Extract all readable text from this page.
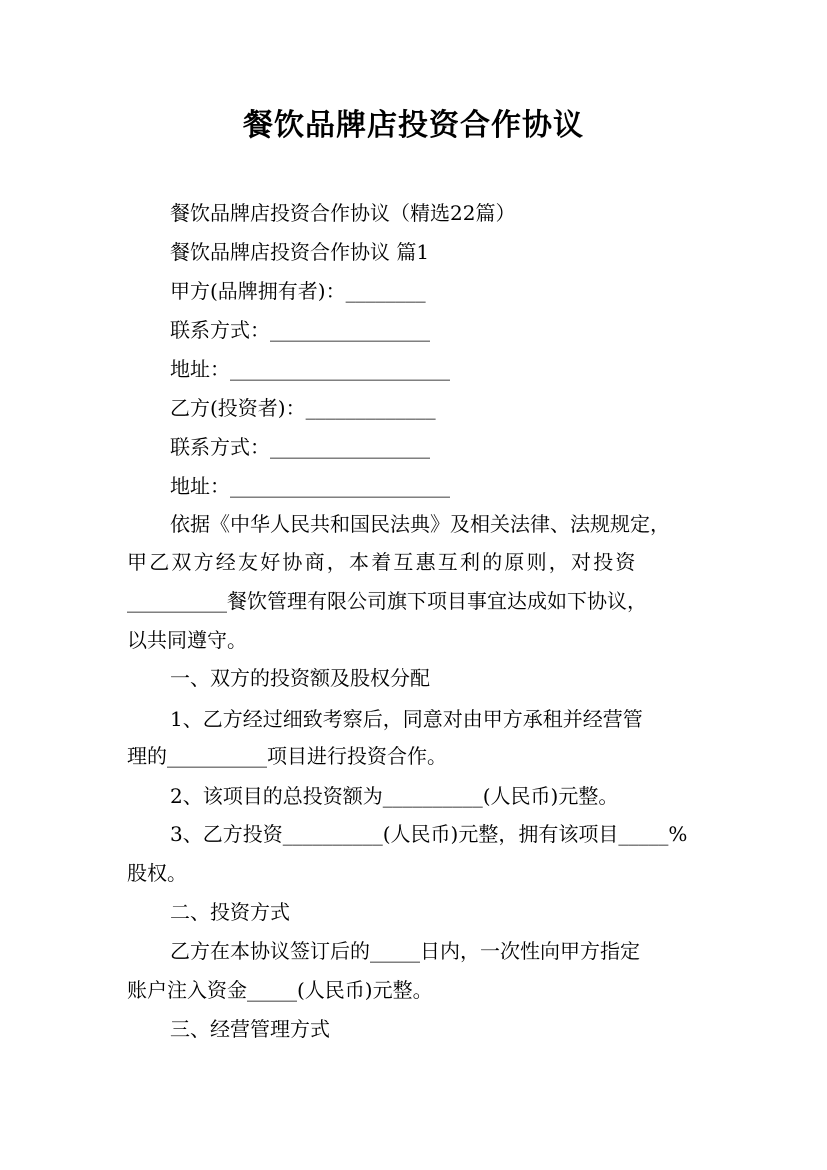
餐饮品牌店投资合作协议
餐饮品牌店投资合作协议（精选22篇）
餐饮品牌店投资合作协议 篇1
甲方(品牌拥有者)：________
联系方式：________________
地址：______________________
乙方(投资者)：_____________
联系方式：________________
地址：______________________
依据《中华人民共和国民法典》及相关法律、法规规定，
甲乙双方经友好协商，本着互惠互利的原则，对投资
__________餐饮管理有限公司旗下项目事宜达成如下协议，
以共同遵守。
一、双方的投资额及股权分配
1、乙方经过细致考察后，同意对由甲方承租并经营管
理的__________项目进行投资合作。
2、该项目的总投资额为__________(人民币)元整。
3、乙方投资__________(人民币)元整，拥有该项目_____%
股权。
二、投资方式
乙方在本协议签订后的_____日内，一次性向甲方指定
账户注入资金_____(人民币)元整。
三、经营管理方式
